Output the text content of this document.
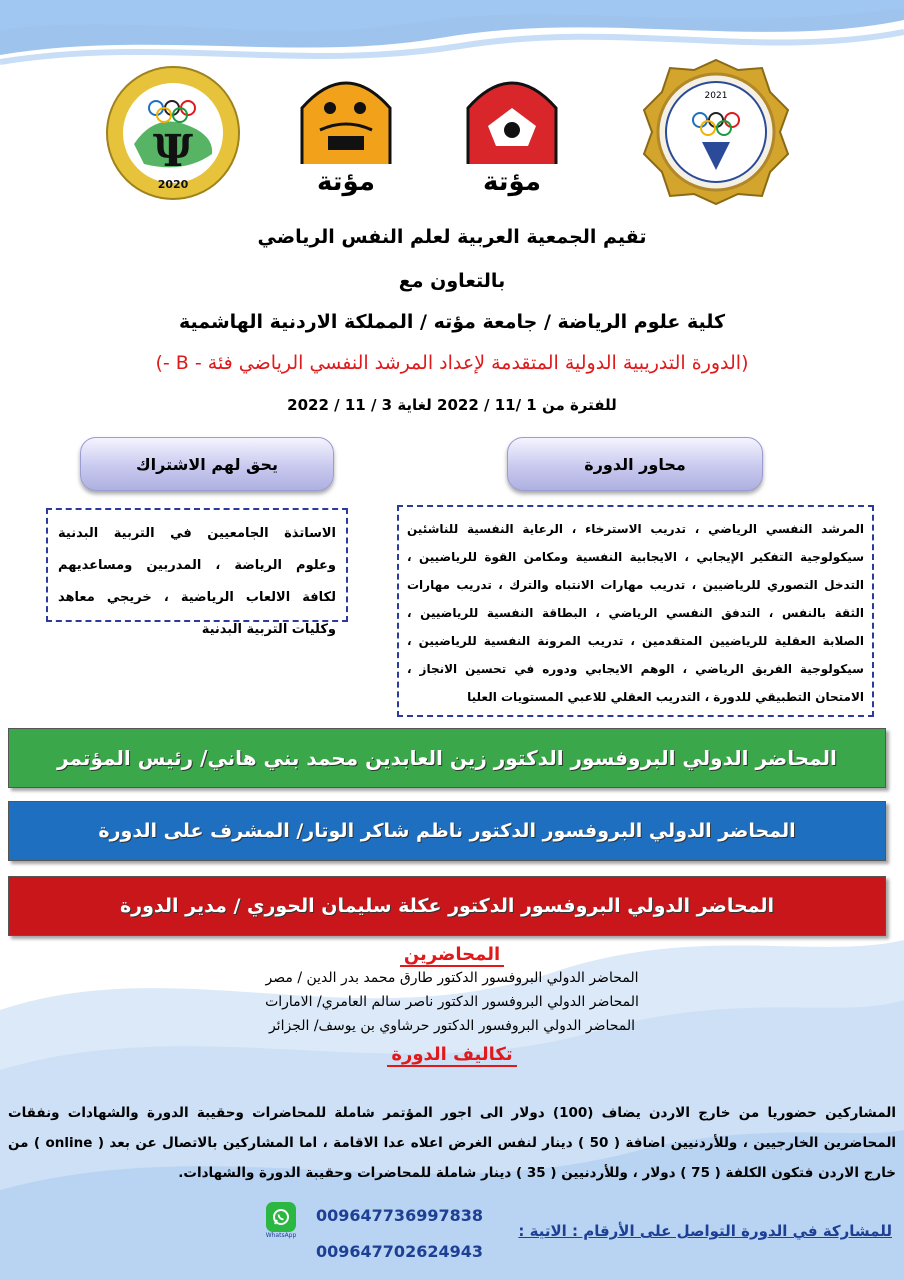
2021
مؤتة
مؤتة
Ψ
2020
تقيم الجمعية العربية لعلم النفس الرياضي
بالتعاون مع
كلية علوم الرياضة / جامعة مؤته / المملكة الاردنية الهاشمية
(الدورة التدريبية الدولية المتقدمة لإعداد المرشد النفسي الرياضي فئة - B -)
للفترة من 1 /11 / 2022 لغاية 3 / 11 / 2022
محاور الدورة
يحق لهم الاشتراك
الاساتذة الجامعيين في التربية البدنية وعلوم الرياضة ، المدربين ومساعديهم لكافة الالعاب الرياضية ، خريجي معاهد وكليات التربية البدنية
المرشد النفسي الرياضي ، تدريب الاسترخاء ، الرعاية النفسية للناشئين سيكولوجية التفكير الإيجابي ، الايجابية النفسية ومكامن القوة للرياضيين ، التدخل التصوري للرياضيين ، تدريب مهارات الانتباه والترك ، تدريب مهارات الثقة بالنفس ، التدفق النفسي الرياضي ، البطاقة النفسية للرياضيين ، الصلابة العقلية للرياضيين المتقدمين ، تدريب المرونة النفسية للرياضيين ، سيكولوجية الفريق الرياضي ، الوهم الايجابي ودوره في تحسين الانجاز ، الامتحان التطبيقي للدورة ، التدريب العقلي للاعبي المستويات العليا
المحاضر الدولي البروفسور الدكتور زين العابدين محمد بني هاني/ رئيس المؤتمر
المحاضر الدولي البروفسور الدكتور ناظم شاكر الوتار/ المشرف على الدورة
المحاضر الدولي البروفسور الدكتور عكلة سليمان الحوري / مدير الدورة
المحاضرين
المحاضر الدولي البروفسور الدكتور طارق محمد بدر الدين / مصر
المحاضر الدولي البروفسور الدكتور ناصر سالم العامري/ الامارات
المحاضر الدولي البروفسور الدكتور حرشاوي بن يوسف/ الجزائر
تكاليف الدورة
المشاركين حضوريا من خارج الاردن يضاف (100) دولار الى اجور المؤتمر شاملة للمحاضرات وحقيبة الدورة والشهادات ونفقات المحاضرين الخارجيين ، وللأردنيين اضافة ( 50 ) دينار لنفس الغرض اعلاه عدا الاقامة ، اما المشاركين بالاتصال عن بعد ( online ) من خارج الاردن فتكون الكلفة ( 75 ) دولار ، وللأردنيين ( 35 ) دينار شاملة للمحاضرات وحقيبة الدورة والشهادات.
WhatsApp
009647736997838
009647702624943
للمشاركة في الدورة التواصل على الأرقام : الاتية :
